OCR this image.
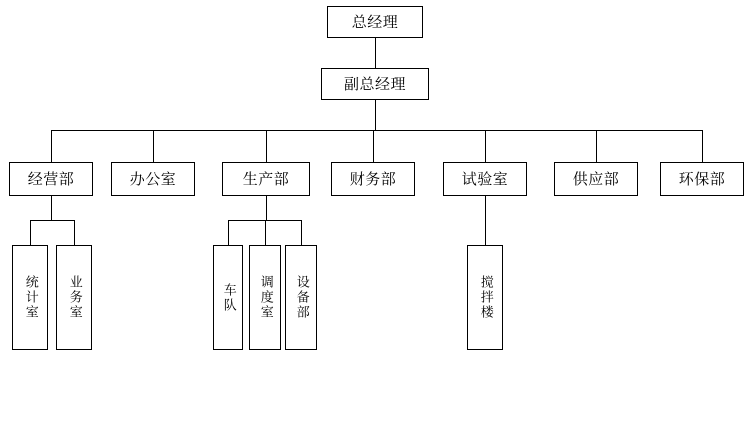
总经理
副总经理
经营部	办公室	生产部	财务部	试验室	供应部	环保部
统计室	业务室	车队	调度室	设备部	搅拌楼
